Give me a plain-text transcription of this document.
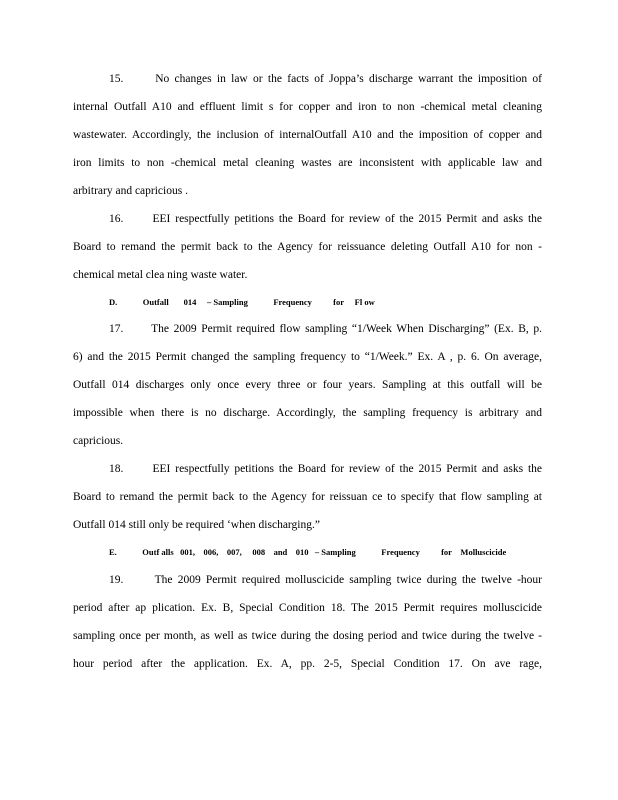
15.      No changes in law or the facts of Joppa’s discharge warrant the imposition of
internal Outfall A10 and effluent limit s for copper and iron to non -chemical metal cleaning
wastewater. Accordingly, the inclusion of internalOutfall A10 and the imposition of copper and
iron limits to non -chemical metal cleaning wastes are inconsistent with applicable law and
arbitrary and capricious .
16.      EEI respectfully petitions the Board for review of the 2015 Permit and asks the
Board to remand the permit back to the Agency for reissuance deleting Outfall A10 for non -
chemical metal clea ning waste water.
D.            Outfall       014     – Sampling            Frequency          for     Fl ow
17.      The 2009 Permit required flow sampling “1/Week When Discharging” (Ex. B, p.
6) and the 2015 Permit changed the sampling frequency to “1/Week.” Ex. A , p. 6. On average,
Outfall 014 discharges only once every three or four years. Sampling at this outfall will be
impossible when there is no discharge. Accordingly, the sampling frequency is arbitrary and
capricious.
18.      EEI respectfully petitions the Board for review of the 2015 Permit and asks the
Board to remand the permit back to the Agency for reissuan ce to specify that flow sampling at
Outfall 014 still only be required ‘when discharging.”
E.            Outf alls   001,    006,    007,     008    and    010   – Sampling            Frequency          for    Molluscicide
19.      The 2009 Permit required molluscicide sampling twice during the twelve -hour
period after ap plication. Ex. B, Special Condition 18. The 2015 Permit requires molluscicide
sampling once per month, as well as twice during the dosing period and twice during the twelve -
hour period after the application. Ex. A, pp. 2-5, Special Condition 17. On ave rage,
